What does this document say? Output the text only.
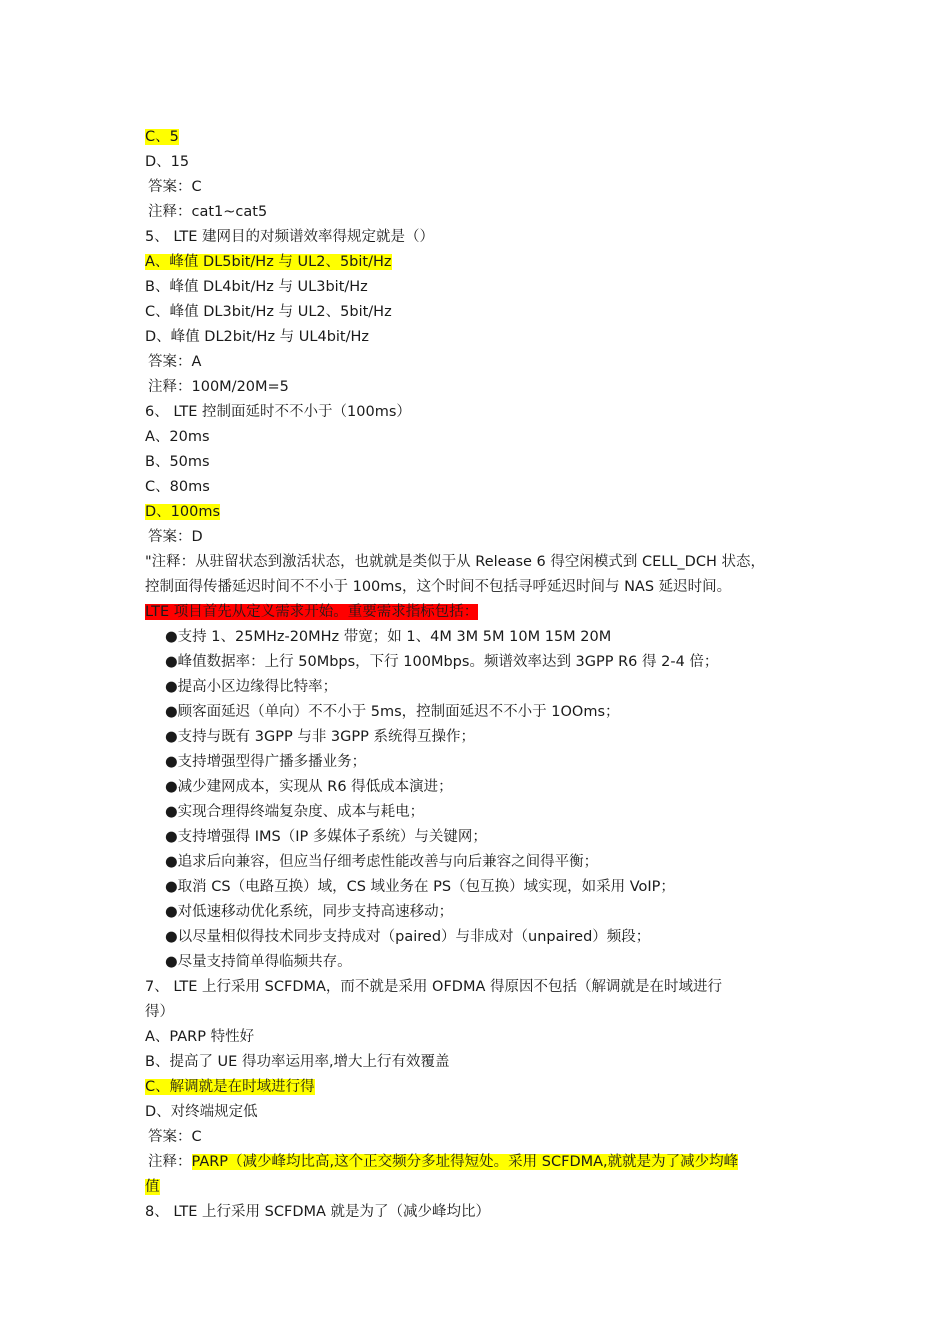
C、5
D、15
答案：C
注释：cat1~cat5
5、 LTE 建网目的对频谱效率得规定就是（）
A、峰值 DL5bit/Hz 与 UL2、5bit/Hz
B、峰值 DL4bit/Hz 与 UL3bit/Hz
C、峰值 DL3bit/Hz 与 UL2、5bit/Hz
D、峰值 DL2bit/Hz 与 UL4bit/Hz
答案：A
注释：100M/20M=5
6、 LTE 控制面延时不不小于（100ms）
A、20ms
B、50ms
C、80ms
D、100ms
答案：D
"注释：从驻留状态到激活状态，也就就是类似于从 Release 6 得空闲模式到 CELL_DCH 状态，
控制面得传播延迟时间不不小于 100ms，这个时间不包括寻呼延迟时间与 NAS 延迟时间。
LTE 项目首先从定义需求开始。重要需求指标包括：
●支持 1、25MHz-20MHz 带宽；如 1、4M 3M 5M 10M 15M 20M
●峰值数据率：上行 50Mbps，下行 100Mbps。频谱效率达到 3GPP R6 得 2-4 倍；
●提高小区边缘得比特率；
●顾客面延迟（单向）不不小于 5ms，控制面延迟不不小于 1OOms；
●支持与既有 3GPP 与非 3GPP 系统得互操作；
●支持增强型得广播多播业务；
●减少建网成本，实现从 R6 得低成本演进；
●实现合理得终端复杂度、成本与耗电；
●支持增强得 IMS（IP 多媒体子系统）与关键网；
●追求后向兼容，但应当仔细考虑性能改善与向后兼容之间得平衡；
●取消 CS（电路互换）域，CS 域业务在 PS（包互换）域实现，如采用 VoIP；
●对低速移动优化系统，同步支持高速移动；
●以尽量相似得技术同步支持成对（paired）与非成对（unpaired）频段；
●尽量支持简单得临频共存。
7、 LTE 上行采用 SCFDMA，而不就是采用 OFDMA 得原因不包括（解调就是在时域进行
得）
A、PARP 特性好
B、提高了 UE 得功率运用率,增大上行有效覆盖
C、解调就是在时域进行得
D、对终端规定低
答案：C
注释：PARP（减少峰均比高,这个正交频分多址得短处。采用 SCFDMA,就就是为了减少均峰
值
8、 LTE 上行采用 SCFDMA 就是为了（减少峰均比）
